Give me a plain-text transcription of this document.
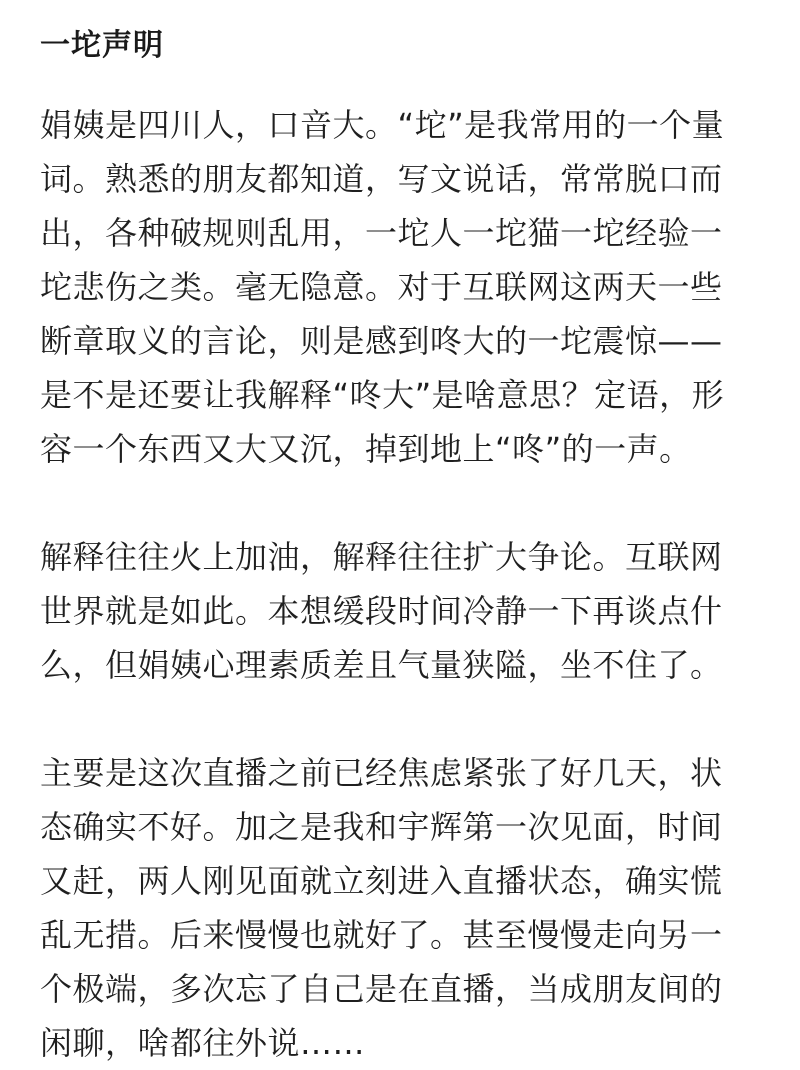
一坨声明

娟姨是四川人，口音大。“坨”是我常用的一个量
词。熟悉的朋友都知道，写文说话，常常脱口而
出，各种破规则乱用，一坨人一坨猫一坨经验一
坨悲伤之类。毫无隐意。对于互联网这两天一些
断章取义的言论，则是感到咚大的一坨震惊——
是不是还要让我解释“咚大”是啥意思？定语，形
容一个东西又大又沉，掉到地上“咚”的一声。

解释往往火上加油，解释往往扩大争论。互联网
世界就是如此。本想缓段时间冷静一下再谈点什
么，但娟姨心理素质差且气量狭隘，坐不住了。

主要是这次直播之前已经焦虑紧张了好几天，状
态确实不好。加之是我和宇辉第一次见面，时间
又赶，两人刚见面就立刻进入直播状态，确实慌
乱无措。后来慢慢也就好了。甚至慢慢走向另一
个极端，多次忘了自己是在直播，当成朋友间的
闲聊，啥都往外说……
